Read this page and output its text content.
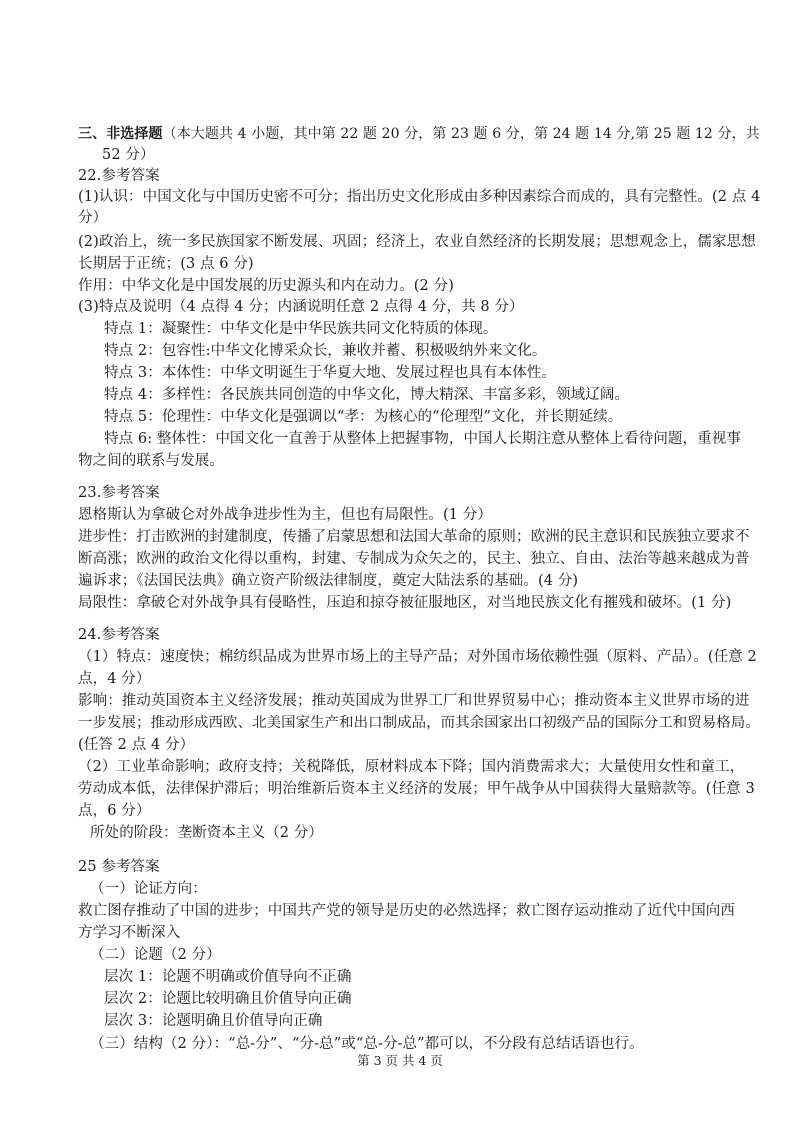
三、非选择题（本大题共 4 小题，其中第 22 题 20 分，第 23 题 6 分，第 24 题 14 分,第 25 题 12 分，共
52 分）
22.参考答案
(1)认识：中国文化与中国历史密不可分；指出历史文化形成由多种因素综合而成的，具有完整性。(2 点 4
分）
(2)政治上，统一多民族国家不断发展、巩固；经济上，农业自然经济的长期发展；思想观念上，儒家思想
长期居于正统；(3 点 6 分)
作用：中华文化是中国发展的历史源头和内在动力。(2 分)
(3)特点及说明（4 点得 4 分；内涵说明任意 2 点得 4 分，共 8 分）
特点 1：凝聚性：中华文化是中华民族共同文化特质的体现。
特点 2：包容性:中华文化博采众长，兼收并蓄、积极吸纳外来文化。
特点 3：本体性：中华文明诞生于华夏大地、发展过程也具有本体性。
特点 4：多样性：各民族共同创造的中华文化，博大精深、丰富多彩，领域辽阔。
特点 5：伦理性：中华文化是强调以“孝：为核心的“伦理型”文化，并长期延续。
特点 6: 整体性：中国文化一直善于从整体上把握事物，中国人长期注意从整体上看待问题，重视事
物之间的联系与发展。
23.参考答案
恩格斯认为拿破仑对外战争进步性为主，但也有局限性。(1 分）
进步性：打击欧洲的封建制度，传播了启蒙思想和法国大革命的原则；欧洲的民主意识和民族独立要求不
断高涨；欧洲的政治文化得以重构，封建、专制成为众矢之的，民主、独立、自由、法治等越来越成为普
遍诉求；《法国民法典》确立资产阶级法律制度，奠定大陆法系的基础。(4 分)
局限性：拿破仑对外战争具有侵略性，压迫和掠夺被征服地区，对当地民族文化有摧残和破坏。(1 分)
24.参考答案
（1）特点：速度快；棉纺织品成为世界市场上的主导产品；对外国市场依赖性强（原料、产品）。(任意 2
点，4 分）
影响：推动英国资本主义经济发展；推动英国成为世界工厂和世界贸易中心；推动资本主义世界市场的进
一步发展；推动形成西欧、北美国家生产和出口制成品，而其余国家出口初级产品的国际分工和贸易格局。
(任答 2 点 4 分）
（2）工业革命影响；政府支持；关税降低，原材料成本下降；国内消费需求大；大量使用女性和童工，
劳动成本低，法律保护滞后；明治维新后资本主义经济的发展；甲午战争从中国获得大量赔款等。(任意 3
点，6 分）
所处的阶段：垄断资本主义（2 分）
25 参考答案
（一）论证方向：
救亡图存推动了中国的进步；中国共产党的领导是历史的必然选择；救亡图存运动推动了近代中国向西
方学习不断深入
（二）论题（2 分）
层次 1：论题不明确或价值导向不正确
层次 2：论题比较明确且价值导向正确
层次 3：论题明确且价值导向正确
（三）结构（2 分）：“总-分”、“分-总”或“总-分-总”都可以，不分段有总结话语也行。
第 3 页 共 4 页
